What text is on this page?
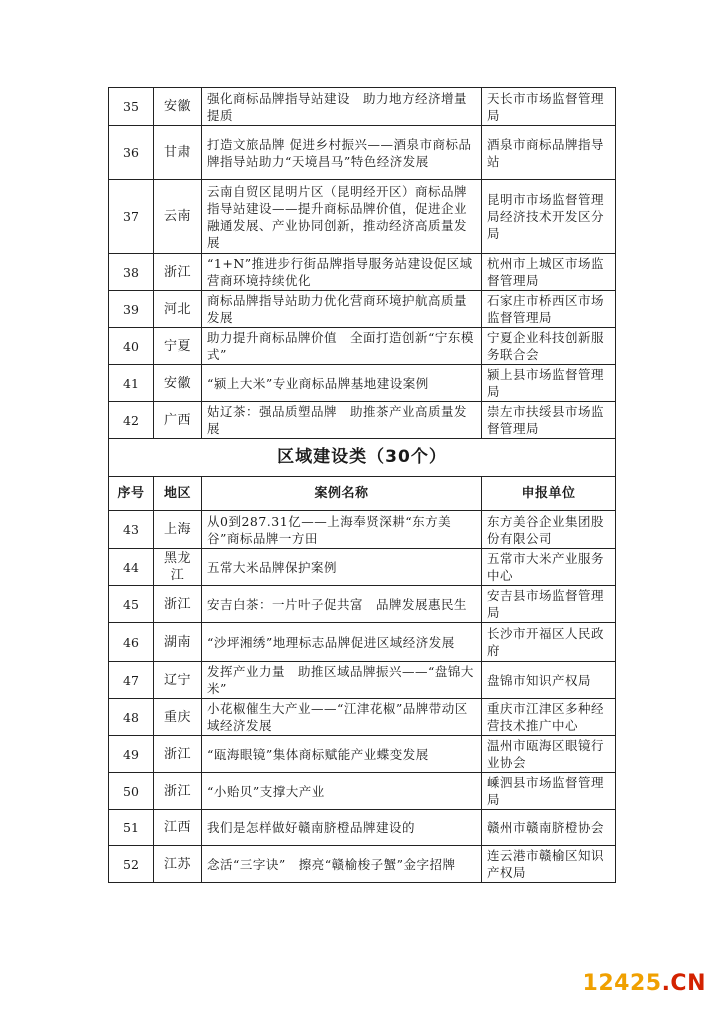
35	安徽	强化商标品牌指导站建设　助力地方经济增量提质	天长市市场监督管理局
36	甘肃	打造文旅品牌 促进乡村振兴——酒泉市商标品牌指导站助力“天境昌马”特色经济发展	酒泉市商标品牌指导站
37	云南	云南自贸区昆明片区（昆明经开区）商标品牌指导站建设——提升商标品牌价值，促进企业融通发展、产业协同创新，推动经济高质量发展	昆明市市场监督管理局经济技术开发区分局
38	浙江	“1+N”推进步行街品牌指导服务站建设促区域营商环境持续优化	杭州市上城区市场监督管理局
39	河北	商标品牌指导站助力优化营商环境护航高质量发展	石家庄市桥西区市场监督管理局
40	宁夏	助力提升商标品牌价值　全面打造创新“宁东模式”	宁夏企业科技创新服务联合会
41	安徽	“颍上大米”专业商标品牌基地建设案例	颍上县市场监督管理局
42	广西	姑辽茶：强品质塑品牌　助推茶产业高质量发展	崇左市扶绥县市场监督管理局
区域建设类（30个）			
序号	地区	案例名称	申报单位
43	上海	从0到287.31亿——上海奉贤深耕“东方美谷”商标品牌一方田	东方美谷企业集团股份有限公司
44	黑龙江	五常大米品牌保护案例	五常市大米产业服务中心
45	浙江	安吉白茶：一片叶子促共富　品牌发展惠民生	安吉县市场监督管理局
46	湖南	“沙坪湘绣”地理标志品牌促进区域经济发展	长沙市开福区人民政府
47	辽宁	发挥产业力量　助推区域品牌振兴——“盘锦大米”	盘锦市知识产权局
48	重庆	小花椒催生大产业——“江津花椒”品牌带动区域经济发展	重庆市江津区多种经营技术推广中心
49	浙江	“瓯海眼镜”集体商标赋能产业蝶变发展	温州市瓯海区眼镜行业协会
50	浙江	“小贻贝”支撑大产业	嵊泗县市场监督管理局
51	江西	我们是怎样做好赣南脐橙品牌建设的	赣州市赣南脐橙协会
52	江苏	念活“三字诀”　擦亮“赣榆梭子蟹”金字招牌	连云港市赣榆区知识产权局
12425.CN
